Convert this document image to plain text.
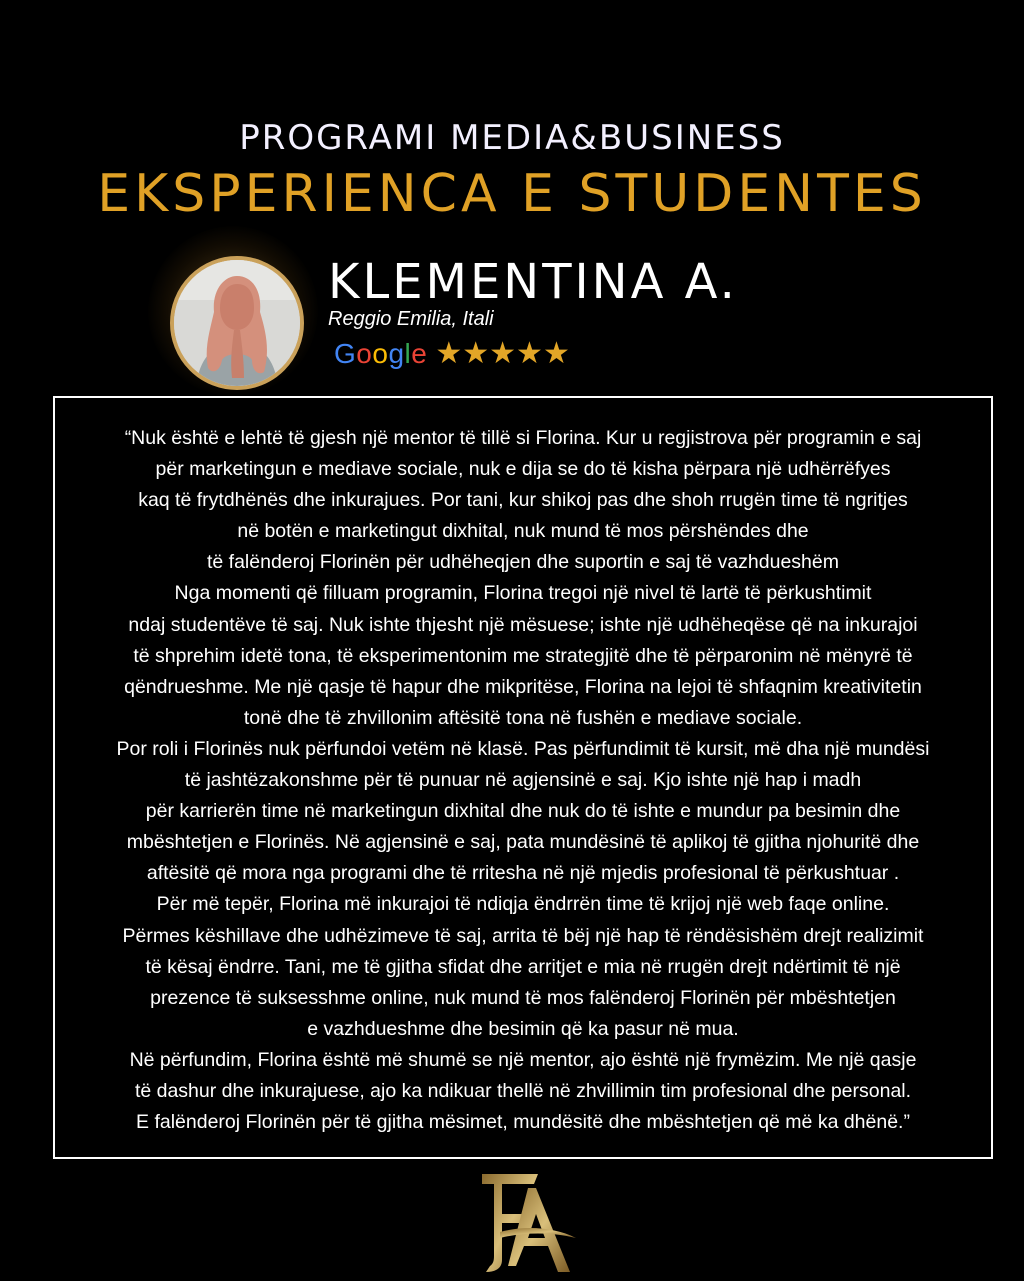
PROGRAMI MEDIA&BUSINESS
EKSPERIENCA E STUDENTES
KLEMENTINA A.
Reggio Emilia, Itali
Google ★ ★ ★ ★ ★
“Nuk është e lehtë të gjesh një mentor të tillë si Florina. Kur u regjistrova për programin e saj
për marketingun e mediave sociale, nuk e dija se do të kisha përpara një udhërrëfyes
kaq të frytdhënës dhe inkurajues. Por tani, kur shikoj pas dhe shoh rrugën time të ngritjes
në botën e marketingut dixhital, nuk mund të mos përshëndes dhe
të falënderoj Florinën për udhëheqjen dhe suportin e saj të vazhdueshëm
Nga momenti që filluam programin, Florina tregoi një nivel të lartë të përkushtimit
ndaj studentëve të saj. Nuk ishte thjesht një mësuese; ishte një udhëheqëse që na inkurajoi
të shprehim idetë tona, të eksperimentonim me strategjitë dhe të përparonim në mënyrë të
qëndrueshme. Me një qasje të hapur dhe mikpritëse, Florina na lejoi të shfaqnim kreativitetin
tonë dhe të zhvillonim aftësitë tona në fushën e mediave sociale.
Por roli i Florinës nuk përfundoi vetëm në klasë. Pas përfundimit të kursit, më dha një mundësi
të jashtëzakonshme për të punuar në agjensinë e saj. Kjo ishte një hap i madh
për karrierën time në marketingun dixhital dhe nuk do të ishte e mundur pa besimin dhe
mbështetjen e Florinës. Në agjensinë e saj, pata mundësinë të aplikoj të gjitha njohuritë dhe
aftësitë që mora nga programi dhe të rritesha në një mjedis profesional të përkushtuar .
Për më tepër, Florina më inkurajoi të ndiqja ëndrrën time të krijoj një web faqe online.
Përmes këshillave dhe udhëzimeve të saj, arrita të bëj një hap të rëndësishëm drejt realizimit
të kësaj ëndrre. Tani, me të gjitha sfidat dhe arritjet e mia në rrugën drejt ndërtimit të një
prezence të suksesshme online, nuk mund të mos falënderoj Florinën për mbështetjen
e vazhdueshme dhe besimin që ka pasur në mua.
Në përfundim, Florina është më shumë se një mentor, ajo është një frymëzim. Me një qasje
të dashur dhe inkurajuese, ajo ka ndikuar thellë në zhvillimin tim profesional dhe personal.
E falënderoj Florinën për të gjitha mësimet, mundësitë dhe mbështetjen që më ka dhënë.”
